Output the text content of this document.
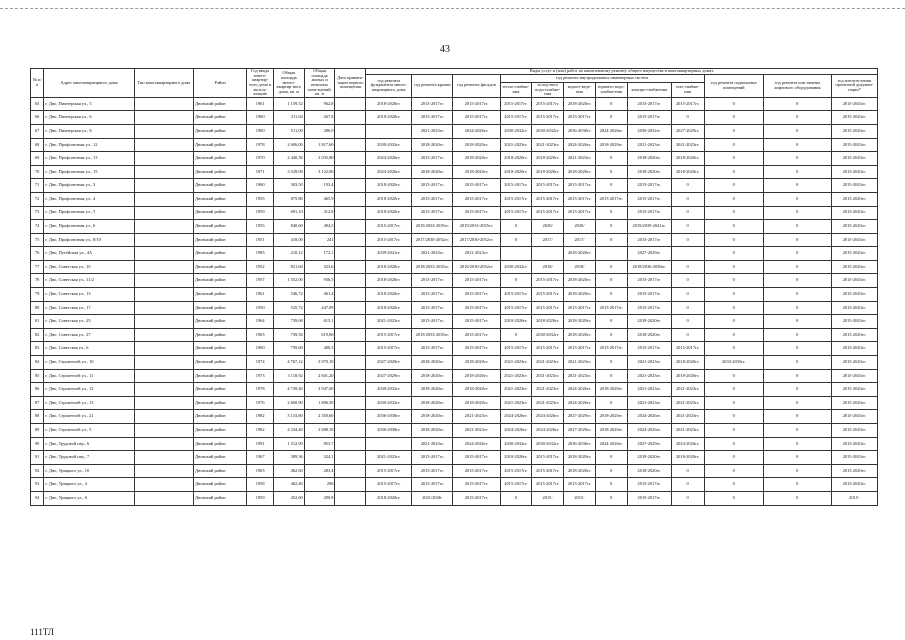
43
№ п/п	Адрес многоквартирного дома	Тип многоквартирного дома	Район	Год ввода много-квартир-ного дома в эксплу-атацию	Общая площадь много-квартир-ного дома, кв. м	Общая площадь жилых и нежилых поме-щений, кв. м	Дата привати-зации первого помещения	Виды услуг и (или) работ по капитальному ремонту общего имущества в многоквартирных домах											
								год ремонта фундамента много-квартирного дома	год ремонта крыши	год ремонта фасадов	год ремонта внутридомовых инженерных систем						год ремонта подвальных помещений	год ремонта или замены лифтового оборудования	год изготов-ления проектной докумен-тации*
											тепло-снабже-ния	холод-ного водо-снабже-ния	водоот-веде-ния	горячего водо-снабже-ния	электро-снабжения	газо-снабже-ния			
65	г. Дно, Пионерская ул., 5		Дновский район	1961	1 159,52	962,8		2018-2020гг.	2015-2017гг.	2015-2017гг.	2015-2017гг.	2015-2017гг.	2018-2020гг.	0	2015-2017гг.	2015-2017гг.	0	0	2015-2043гг.
66	г. Дно, Пионерская ул., 6		Дновский район	1960	311,04	267,8		2018-2020гг.	2015-2017гг.	2015-2017гг.	2015-2017гг.	2015-2017гг.	2015-2017гг.	0	2015-2017гг.	0	0	0	2015-2043гг.
67	г. Дно, Пионерская ул., 8		Дновский район	1960	511,00	286,9			2021-2023гг.	2024-2026гг.	2030-2032гг.	2030-2032гг.	2036-2038гг.	2024-2026гг.	2030-2032гг.	2027-2029гг.	0	0	2015-2043гг.
68	г. Дно, Профсоюзная ул., 12		Дновский район	1978	2 606,00	1 817,60		2030-2032гг.	2018-2020гг.	2018-2020гг.	2021-2023гг.	2021-2023гг.	2024-2026гг.	2018-2020гг.	2021-2023гг.	2021-2023гг.	0	0	2015-2043гг.
69	г. Дно, Профсоюзная ул., 13		Дновский район	1970	2 440,56	2 035,80		2024-2026гг.	2015-2017гг.	2018-2020гг.	2018-2020гг.	2018-2020гг.	2021-2023гг.	0	2018-2020гг.	2018-2020гг.	0	0	2015-2043гг.
70	г. Дно, Профсоюзная ул., 15		Дновский район	1971	3 529,08	3 122,00		2024-2026гг.	2018-2020гг.	2018-2020гг.	2018-2020гг.	2018-2020гг.	2018-2020гг.	0	2018-2020гг.	2018-2020гг.	0	0	2015-2043гг.
71	г. Дно, Профсоюзная ул., 3		Дновский район	1960	303,50	193,4		2018-2020гг.	2015-2017гг.	2015-2017гг.	2015-2017гг.	2015-2017гг.	2015-2017гг.	0	2015-2017гг.	0	0	0	2015-2043гг.
72	г. Дно, Профсоюзная ул., 4		Дновский район	1955	875,80	465,9		2018-2020гг.	2015-2017гг.	2015-2017гг.	2015-2017гг.	2015-2017гг.	2015-2017гг.	2015-2017гг.	2015-2017гг.	0	0	0	2015-2043гг.
73	г. Дно, Профсоюзная ул., 5		Дновский район	1959	691,10	412,8		2018-2020гг.	2015-2017гг.	2015-2017гг.	2015-2017гг.	2015-2017гг.	2015-2017гг.	0	2015-2017гг.	0	0	0	2015-2043гг.
74	г. Дно, Профсоюзная ул., 6		Дновский район	1955	840,60	494,5		2015-2017гг.	2019/2033-2035гг.	2019/2033-2035гг.	0	2020/	2020/	0	2019/2039-2041гг.	0	0	0	2015-2043гг.
75	г. Дно, Профсоюзная ул., 8/10		Дновский район	1951	418,00	241		2015-2017гг.	2017/2030-2032гг.	2017/2030-2032гг.	0	2017/	2017/	0	2015-2017гг.	0	0	0	2015-2043гг.
76	г. Дно, Путейская ул., 4А		Дновский район	1985	210,12	172,1		2039-2041гг.	2021-2023гг.	2021-2023гг.			2018-2020гг.		2027-2029гг.		0	0	2015-2043гг.
77	г. Дно, Советская ул., 10		Дновский район	1952	821,60	523,6		2018-2020гг.	2018/2033-2035гг.	2016/2030-2032гг.	2030-2032гг.	2018/	2018/	0	2018/2036-2038гг.	0	0	0	2015-2043гг.
78	г. Дно, Советская ул., 11/2		Дновский район	1957	1 552,00	936,5		2018-2020гг.	2015-2017гг.	2015-2017гг.	0	2015-2017гг.	2018-2020гг.	0	2015-2017гг.	0	0	0	2015-2043гг.
79	г. Дно, Советская ул., 13		Дновский район	1961	546,72	461,4		2018-2020гг.	2015-2017гг.	2015-2017гг.	2015-2017гг.	2015-2017гг.	2018-2020гг.	0	2015-2017гг.	0	0	0	2015-2043гг.
80	г. Дно, Советская ул., 17		Дновский район	1950	525,72	447,09		2018-2020гг.	2015-2017гг.	2015-2017гг.	2015-2017гг.	2015-2017гг.	2015-2017гг.	2015-2017гг.	2015-2017гг.	0	0	0	2015-2043гг.
81	г. Дно, Советская ул., 25		Дновский район	1964	739,68	615,1		2021-2023гг.	2015-2017гг.	2015-2017гг.	2018-2020гг.	2018-2020гг.	2018-2020гг.	0	2018-2020гг.	0	0	0	2015-2043гг.
82	г. Дно, Советская ул., 27		Дновский район	1963	739,56	619,86		2015-2017гг.	2019/2033-2035гг.	2015-2017гг.	0	2030-2032гг.	2018-2020гг.	0	2018-2020гг.	0	0	0	2015-2043гг.
83	г. Дно, Советская ул., 6		Дновский район	1960	759,60	400,3		2015-2017гг.	2015-2017гг.	2015-2017гг.	2015-2017гг.	2015-2017гг.	2015-2017гг.	2015-2017гг.	2015-2017гг.	2015-2017гг.	0	0	2015-2043гг.
84	г. Дно, Строителей ул., 10		Дновский район	1974	4 767,12	3 970,10		2027-2029гг.	2018-2020гг.	2018-2020гг.	2021-2023гг.	2021-2023гг.	2021-2023гг.	0	2021-2023гг.	2018-2020гг.	2033-2035гг.	0	2015-2043гг.
85	г. Дно, Строителей ул., 11		Дновский район	1973	3 118,92	2 601,20		2027-2029гг.	2018-2020гг.	2018-2020гг.	2021-2023гг.	2021-2023гг.	2021-2023гг.	0	2021-2023гг.	2018-2020гг.	0	0	2015-2043гг.
86	г. Дно, Строителей ул., 12		Дновский район	1978	4 739,40	3 947,60		2030-2032гг.	2018-2020гг.	2018-2020гг.	2021-2023гг.	2021-2023гг.	2024-2026гг.	2018-2020гг.	2021-2023гг.	2021-2023гг.	0	0	2015-2043гг.
87	г. Дно, Строителей ул., 13		Дновский район	1976	2 660,90	1 806,50		2030-2032гг.	2018-2020гг.	2018-2020гг.	2021-2023гг.	2021-2023гг.	2024-2026гг.	0	2021-2023гг.	2021-2023гг.	0	0	2015-2043гг.
88	г. Дно, Строителей ул., 21		Дновский район	1982	3 133,80	2 350,60		2036-2038гг.	2018-2020гг.	2021-2023гг.	2024-2026гг.	2024-2026гг.	2027-2029гг.	2018-2020гг.	2024-2026гг.	2021-2023гг.	0	0	2015-2043гг.
89	г. Дно, Строителей ул., 5		Дновский район	1982	4 334,40	2 688,10		2036-2038гг.	2018-2020гг.	2021-2023гг.	2024-2026гг.	2024-2026гг.	2027-2029гг.	2018-2020гг.	2024-2026гг.	2021-2023гг.	0	0	2015-2043гг.
90	г. Дно, Трудовой пер., 6		Дновский район	1991	1 512,90	853,7			2021-2023гг.	2024-2026гг.	2030-2032гг.	2030-2032гг.	2036-2038гг.	2024-2026гг.	2027-2029гг.	2024-2026гг.	0	0	2015-2043гг.
91	г. Дно, Трудовой пер., 7		Дновский район	1967	389,36	324,1		2021-2023гг.	2015-2017гг.	2015-2017гг.	2018-2020гг.	2015-2017гг.	2018-2020гг.	0	2018-2020гг.	2018-2020гг.	0	0	2015-2043гг.
92	г. Дно, Урицкого ул., 10		Дновский район	1963	462,60	283,4		2015-2017гг.	2015-2017гг.	2015-2017гг.	2015-2017гг.	2015-2017гг.	2018-2020гг.	0	2018-2020гг.	0	0	0	2015-2043гг.
93	г. Дно, Урицкого ул., 4		Дновский район	1958	462,40	296		2015-2017гг.	2015-2017гг.	2015-2017гг.	2015-2017гг.	2015-2017гг.	2015-2017гг.	0	2015-2017гг.	0	0	0	2015-2043гг.
94	г. Дно, Урицкого ул., 6		Дновский район	1959	452,60	290,8		2018-2020гг.	2021/2036-	2015-2017гг.	0	2015-	2015-	0	2015-2017гг.	0	0	0	2015-
111ТЛ
